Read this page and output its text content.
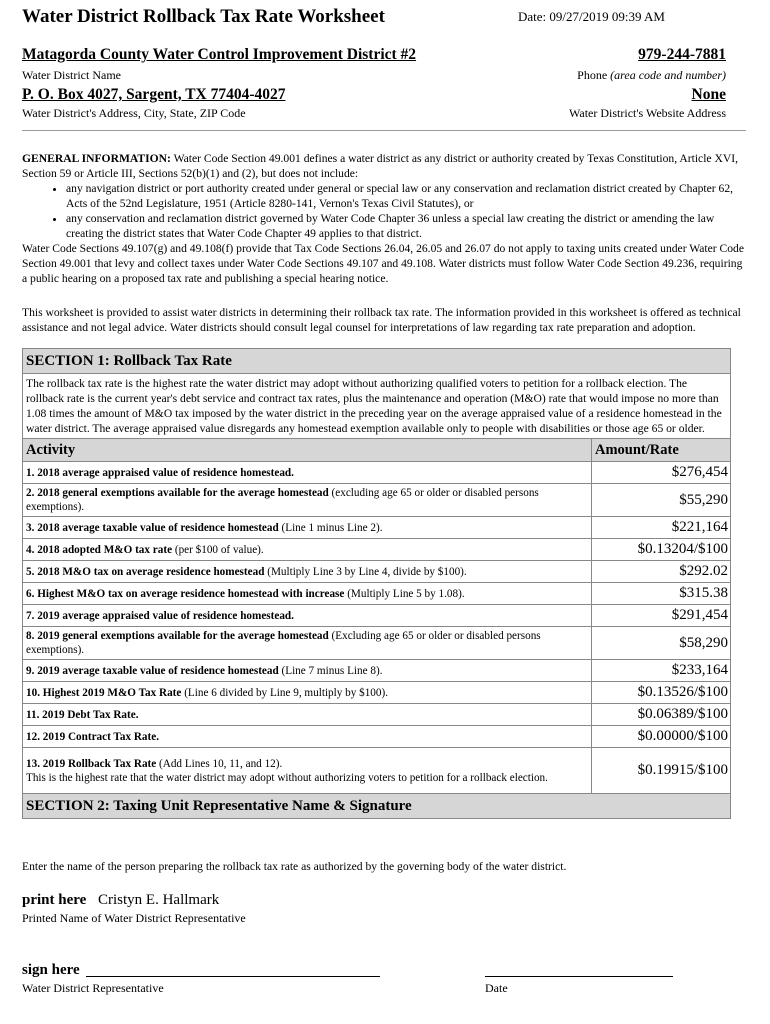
Water District Rollback Tax Rate Worksheet	Date: 09/27/2019 09:39 AM
Matagorda County Water Control Improvement District #2	979-244-7881
Water District Name	Phone (area code and number)
P. O. Box 4027, Sargent, TX 77404-4027	None
Water District's Address, City, State, ZIP Code	Water District's Website Address

GENERAL INFORMATION: Water Code Section 49.001 defines a water district as any district or authority created by Texas Constitution, Article XVI, Section 59 or Article III, Sections 52(b)(1) and (2), but does not include:

• any navigation district or port authority created under general or special law or any conservation and reclamation district created by Chapter 62, Acts of the 52nd Legislature, 1951 (Article 8280-141, Vernon's Texas Civil Statutes), or
• any conservation and reclamation district governed by Water Code Chapter 36 unless a special law creating the district or amending the law creating the district states that Water Code Chapter 49 applies to that district.

Water Code Sections 49.107(g) and 49.108(f) provide that Tax Code Sections 26.04, 26.05 and 26.07 do not apply to taxing units created under Water Code Section 49.001 that levy and collect taxes under Water Code Sections 49.107 and 49.108. Water districts must follow Water Code Section 49.236, requiring a public hearing on a proposed tax rate and publishing a special hearing notice.

This worksheet is provided to assist water districts in determining their rollback tax rate. The information provided in this worksheet is offered as technical assistance and not legal advice. Water districts should consult legal counsel for interpretations of law regarding tax rate preparation and adoption.
SECTION 1: Rollback Tax Rate	
The rollback tax rate is the highest rate the water district may adopt without authorizing qualified voters to petition for a rollback election. The rollback rate is the current year's debt service and contract tax rates, plus the maintenance and operation (M&O) rate that would impose no more than 1.08 times the amount of M&O tax imposed by the water district in the preceding year on the average appraised value of a residence homestead in the water district. The average appraised value disregards any homestead exemption available only to people with disabilities or those age 65 or older.	
Activity	Amount/Rate
1. 2018 average appraised value of residence homestead.	$276,454
2. 2018 general exemptions available for the average homestead (excluding age 65 or older or disabled persons exemptions).	$55,290
3. 2018 average taxable value of residence homestead (Line 1 minus Line 2).	$221,164
4. 2018 adopted M&O tax rate (per $100 of value).	$0.13204/$100
5. 2018 M&O tax on average residence homestead (Multiply Line 3 by Line 4, divide by $100).	$292.02
6. Highest M&O tax on average residence homestead with increase (Multiply Line 5 by 1.08).	$315.38
7. 2019 average appraised value of residence homestead.	$291,454
8. 2019 general exemptions available for the average homestead (Excluding age 65 or older or disabled persons exemptions).	$58,290
9. 2019 average taxable value of residence homestead (Line 7 minus Line 8).	$233,164
10. Highest 2019 M&O Tax Rate (Line 6 divided by Line 9, multiply by $100).	$0.13526/$100
11. 2019 Debt Tax Rate.	$0.06389/$100
12. 2019 Contract Tax Rate.	$0.00000/$100
13. 2019 Rollback Tax Rate (Add Lines 10, 11, and 12).
This is the highest rate that the water district may adopt without authorizing voters to petition for a rollback election.	$0.19915/$100
SECTION 2: Taxing Unit Representative Name & Signature	
Enter the name of the person preparing the rollback tax rate as authorized by the governing body of the water district.
print here Cristyn E. Hallmark
Printed Name of Water District Representative
sign here
Water District Representative	Date
